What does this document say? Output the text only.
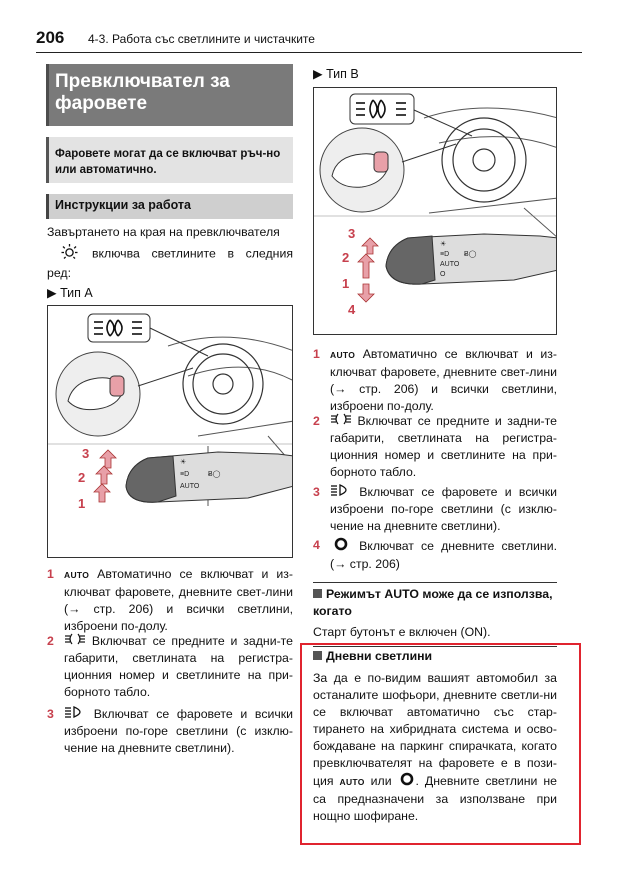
206 4-3. Работа със светлините и чистачките
Превключвател за фаровете
Фаровете могат да се включват ръч-но или автоматично.
Инструкции за работа
Завъртането на края на превключвателя
включва светлините в следния ред:
▶ Тип А
☀
≡D
AUTO
Ƀ◯
3
2
1
1 AUTO Автоматично се включват и из-ключват фаровете, дневните свет-лини (→ стр. 206) и всички светлини, изброени по-долу.
2	Включват се предните и задни-те габарити, светлината на регистра-ционния номер и светлините на при-борното табло.
3	Включват се фаровете и всички изброени по-горе светлини (с изклю-чение на дневните светлини).
▶ Тип B
☀
≡D
AUTO
O
Ƀ◯
3
2
1
4
1 AUTO Автоматично се включват и из-ключват фаровете, дневните свет-лини (→ стр. 206) и всички светлини, изброени по-долу.
2	Включват се предните и задни-те габарити, светлината на регистра-ционния номер и светлините на при-борното табло.
3	Включват се фаровете и всички изброени по-горе светлини (с изклю-чение на дневните светлини).
4	Включват се дневните светлини. (→ стр. 206)
Режимът AUTO може да се използва, когато
Старт бутонът е включен (ON).
Дневни светлини
За да е по-видим вашият автомобил за останалите шофьори, дневните светли-ни се включват автоматично със стар-тирането на хибридната система и осво-бождаване на паркинг спирачката, когато превключвателят на фаровете е в пози-ция AUTO или . Дневните светлини не са предназначени за използване при нощно шофиране.
